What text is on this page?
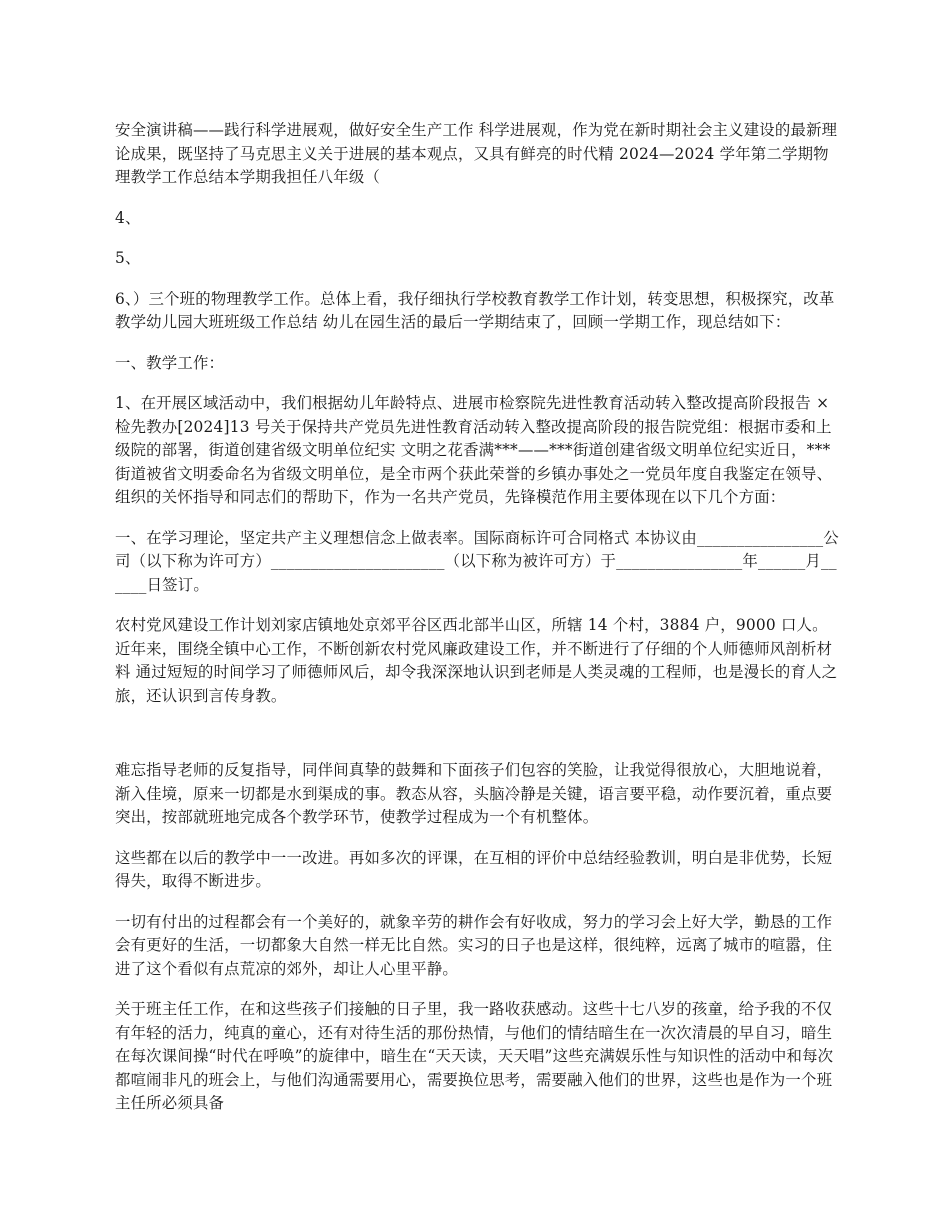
安全演讲稿——践行科学进展观，做好安全生产工作 科学进展观，作为党在新时期社会主义建设的最新理论成果，既坚持了马克思主义关于进展的基本观点，又具有鲜亮的时代精 2024—2024 学年第二学期物理教学工作总结本学期我担任八年级（

4、

5、

6、）三个班的物理教学工作。总体上看，我仔细执行学校教育教学工作计划，转变思想，积极探究，改革教学幼儿园大班班级工作总结 幼儿在园生活的最后一学期结束了，回顾一学期工作，现总结如下：

一、教学工作：

1、在开展区域活动中，我们根据幼儿年龄特点、进展市检察院先进性教育活动转入整改提高阶段报告 ×检先教办[2024]13 号关于保持共产党员先进性教育活动转入整改提高阶段的报告院党组：根据市委和上级院的部署，街道创建省级文明单位纪实 文明之花香满***——***街道创建省级文明单位纪实近日，***街道被省文明委命名为省级文明单位，是全市两个获此荣誉的乡镇办事处之一党员年度自我鉴定在领导、组织的关怀指导和同志们的帮助下，作为一名共产党员，先锋模范作用主要体现在以下几个方面：

一、在学习理论，坚定共产主义理想信念上做表率。国际商标许可合同格式 本协议由________________公司（以下称为许可方）______________________（以下称为被许可方）于________________年______月______日签订。

农村党风建设工作计划刘家店镇地处京郊平谷区西北部半山区，所辖 14 个村，3884 户，9000 口人。近年来，围绕全镇中心工作，不断创新农村党风廉政建设工作，并不断进行了仔细的个人师德师风剖析材料 通过短短的时间学习了师德师风后，却令我深深地认识到老师是人类灵魂的工程师，也是漫长的育人之旅，还认识到言传身教。

难忘指导老师的反复指导，同伴间真挚的鼓舞和下面孩子们包容的笑脸，让我觉得很放心，大胆地说着，渐入佳境，原来一切都是水到渠成的事。教态从容，头脑冷静是关键，语言要平稳，动作要沉着，重点要突出，按部就班地完成各个教学环节，使教学过程成为一个有机整体。

这些都在以后的教学中一一改进。再如多次的评课，在互相的评价中总结经验教训，明白是非优势，长短得失，取得不断进步。

一切有付出的过程都会有一个美好的，就象辛劳的耕作会有好收成，努力的学习会上好大学，勤恳的工作会有更好的生活，一切都象大自然一样无比自然。实习的日子也是这样，很纯粹，远离了城市的喧嚣，住进了这个看似有点荒凉的郊外，却让人心里平静。

关于班主任工作，在和这些孩子们接触的日子里，我一路收获感动。这些十七八岁的孩童，给予我的不仅有年轻的活力，纯真的童心，还有对待生活的那份热情，与他们的情结暗生在一次次清晨的早自习，暗生在每次课间操“时代在呼唤”的旋律中，暗生在“天天读，天天唱”这些充满娱乐性与知识性的活动中和每次都喧闹非凡的班会上，与他们沟通需要用心，需要换位思考，需要融入他们的世界，这些也是作为一个班主任所必须具备
